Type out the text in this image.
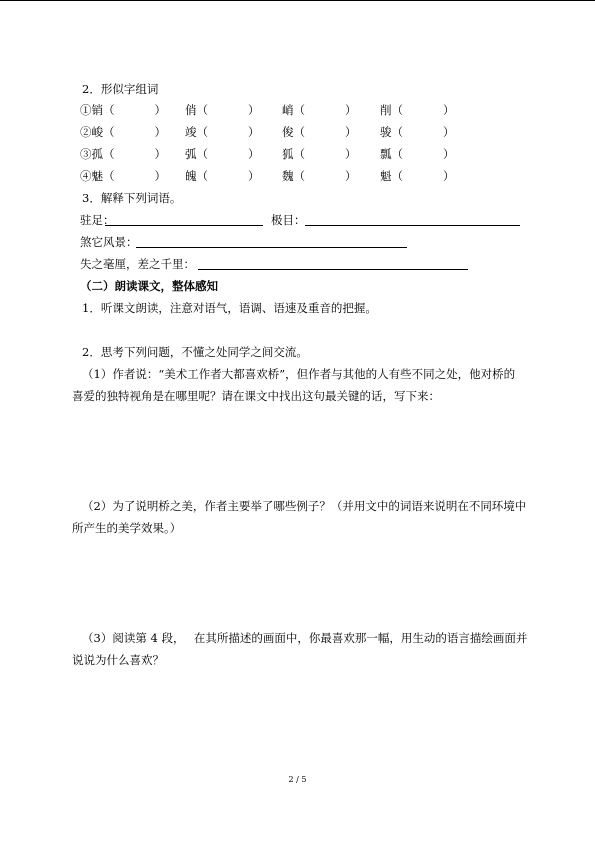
2．形似字组词
①销（	） 俏（	） 峭（	） 削（	）
②峻（	） 竣（	） 俊（	） 骏（	）
③孤（	） 弧（	） 狐（	） 瓢（	）
④魅（	） 魄（	） 魏（	） 魁（	）
3．解释下列词语。
驻足：	极目：
煞它风景：
失之毫厘，差之千里：
（二）朗读课文，整体感知
1．听课文朗读，注意对语气，语调、语速及重音的把握。
2．思考下列问题，不懂之处同学之间交流。
（1）作者说：“美术工作者大都喜欢桥”，但作者与其他的人有些不同之处，他对桥的
喜爱的独特视角是在哪里呢？请在课文中找出这句最关键的话，写下来：
（2）为了说明桥之美，作者主要举了哪些例子？（并用文中的词语来说明在不同环境中
所产生的美学效果。）
（3）阅读第 4 段，　 在其所描述的画面中，你最喜欢那一幅，用生动的语言描绘画面并
说说为什么喜欢？
2 / 5
